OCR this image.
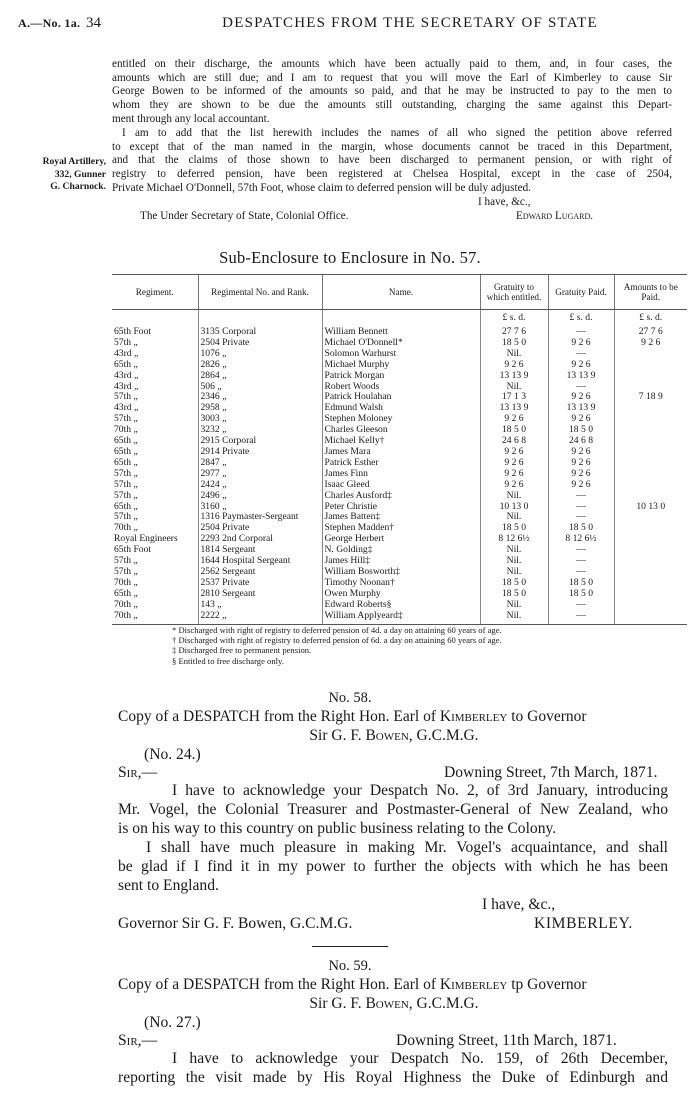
A.—No. 1a. 34	DESPATCHES FROM THE SECRETARY OF STATE
entitled on their discharge, the amounts which have been actually paid to them, and, in four cases, the
amounts which are still due; and I am to request that you will move the Earl of Kimberley to cause Sir
George Bowen to be informed of the amounts so paid, and that he may be instructed to pay to the men to
whom they are shown to be due the amounts still outstanding, charging the same against this Depart-
ment through any local accountant.
I am to add that the list herewith includes the names of all who signed the petition above referred
to except that of the man named in the margin, whose documents cannot be traced in this Department,
and that the claims of those shown to have been discharged to permanent pension, or with right of
registry to deferred pension, have been registered at Chelsea Hospital, except in the case of 2504,
Private Michael O'Donnell, 57th Foot, whose claim to deferred pension will be duly adjusted.
I have, &c.,
The Under Secretary of State, Colonial Office.	Edward Lugard.
Royal Artillery,
332, Gunner
G. Charnock.
Sub-Enclosure to Enclosure in No. 57.
Regiment.	Regimental No. and Rank.	Name.	Gratuity to which entitled.	Gratuity Paid.	Amounts to be Paid.
			£ s. d.	£ s. d.	£ s. d.
65th Foot	3135 Corporal	William Bennett	27 7 6	—	27 7 6
57th „	2504 Private	Michael O'Donnell*	18 5 0	9 2 6	9 2 6
43rd „	1076 „	Solomon Warhurst	Nil.	—	
65th „	2826 „	Michael Murphy	9 2 6	9 2 6	
43rd „	2864 „	Patrick Morgan	13 13 9	13 13 9	
43rd „	506 „	Robert Woods	Nil.	—	
57th „	2346 „	Patrick Houlahan	17 1 3	9 2 6	7 18 9
43rd „	2958 „	Edmund Walsh	13 13 9	13 13 9	
57th „	3003 „	Stephen Moloney	9 2 6	9 2 6	
70th „	3232 „	Charles Gleeson	18 5 0	18 5 0	
65th „	2915 Corporal	Michael Kelly†	24 6 8	24 6 8	
65th „	2914 Private	James Mara	9 2 6	9 2 6	
65th „	2847 „	Patrick Esther	9 2 6	9 2 6	
57th „	2977 „	James Finn	9 2 6	9 2 6	
57th „	2424 „	Isaac Gleed	9 2 6	9 2 6	
57th „	2496 „	Charles Ausford‡	Nil.	—	
65th „	3160 „	Peter Christie	10 13 0	—	10 13 0
57th „	1316 Paymaster-Sergeant	James Batten‡	Nil.	—	
70th „	2504 Private	Stephen Madden†	18 5 0	18 5 0	
Royal Engineers	2293 2nd Corporal	George Herbert	8 12 6½	8 12 6½	
65th Foot	1814 Sergeant	N. Golding‡	Nil.	—	
57th „	1644 Hospital Sergeant	James Hill‡	Nil.	—	
57th „	2562 Sergeant	William Bosworth‡	Nil.	—	
70th „	2537 Private	Timothy Noonan†	18 5 0	18 5 0	
65th „	2810 Sergeant	Owen Murphy	18 5 0	18 5 0	
70th „	143 „	Edward Roberts§	Nil.	—	
70th „	2222 „	William Applyeard‡	Nil.	—	
* Discharged with right of registry to deferred pension of 4d. a day on attaining 60 years of age.
† Discharged with right of registry to deferred pension of 6d. a day on attaining 60 years of age.
‡ Discharged free to permanent pension.
§ Entitled to free discharge only.
No. 58.
Copy of a DESPATCH from the Right Hon. Earl of Kimberley to Governor
Sir G. F. Bowen, G.C.M.G.
(No. 24.)
Sir,—	Downing Street, 7th March, 1871.
I have to acknowledge your Despatch No. 2, of 3rd January, introducing
Mr. Vogel, the Colonial Treasurer and Postmaster-General of New Zealand, who
is on his way to this country on public business relating to the Colony.
I shall have much pleasure in making Mr. Vogel's acquaintance, and shall
be glad if I find it in my power to further the objects with which he has been
sent to England.
I have, &c.,
Governor Sir G. F. Bowen, G.C.M.G.	KIMBERLEY.
No. 59.
Copy of a DESPATCH from the Right Hon. Earl of Kimberley tp Governor
Sir G. F. Bowen, G.C.M.G.
(No. 27.)
Sir,—	Downing Street, 11th March, 1871.
I have to acknowledge your Despatch No. 159, of 26th December,
reporting the visit made by His Royal Highness the Duke of Edinburgh and
